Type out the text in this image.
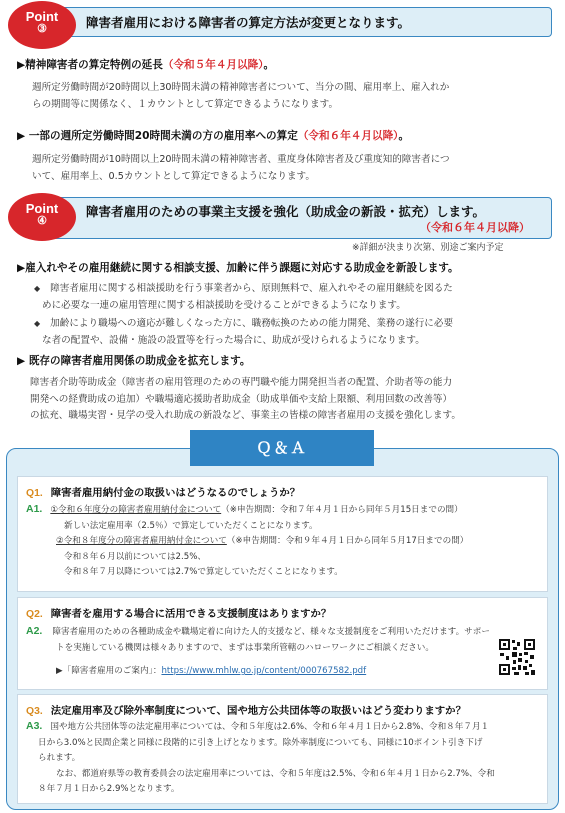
障害者雇用における障害者の算定方法が変更となります。
Point
③
▶精神障害者の算定特例の延長（令和５年４月以降）。
週所定労働時間が20時間以上30時間未満の精神障害者について、当分の間、雇用率上、雇入れか
らの期間等に関係なく、１カウントとして算定できるようになります。
▶ 一部の週所定労働時間20時間未満の方の雇用率への算定（令和６年４月以降）。
週所定労働時間が10時間以上20時間未満の精神障害者、重度身体障害者及び重度知的障害者につ
いて、雇用率上、0.5カウントとして算定できるようになります。
障害者雇用のための事業主支援を強化（助成金の新設・拡充）します。
（令和６年４月以降）
Point
④
※詳細が決まり次第、別途ご案内予定
▶雇入れやその雇用継続に関する相談支援、加齢に伴う課題に対応する助成金を新設します。
◆ 障害者雇用に関する相談援助を行う事業者から、原則無料で、雇入れやその雇用継続を図るた
めに必要な一連の雇用管理に関する相談援助を受けることができるようになります。
◆ 加齢により職場への適応が難しくなった方に、職務転換のための能力開発、業務の遂行に必要
な者の配置や、設備・施設の設置等を行った場合に、助成が受けられるようになります。
▶ 既存の障害者雇用関係の助成金を拡充します。
障害者介助等助成金（障害者の雇用管理のための専門職や能力開発担当者の配置、介助者等の能力
開発への経費助成の追加）や職場適応援助者助成金（助成単価や支給上限額、利用回数の改善等）
の拡充、職場実習・見学の受入れ助成の新設など、事業主の皆様の障害者雇用の支援を強化します。
Ｑ＆Ａ
Q1. 障害者雇用納付金の取扱いはどうなるのでしょうか？
A1. ①令和６年度分の障害者雇用納付金について（※申告期間：令和７年４月１日から同年５月15日までの間）
新しい法定雇用率（2.5％）で算定していただくことになります。
②令和８年度分の障害者雇用納付金について（※申告期間：令和９年４月１日から同年５月17日までの間）
令和８年６月以前については2.5%、
令和８年７月以降については2.7%で算定していただくことになります。
Q2. 障害者を雇用する場合に活用できる支援制度はありますか？
A2. 障害者雇用のための各種助成金や職場定着に向けた人的支援など、様々な支援制度をご利用いただけます。サポー
トを実施している機関は様々ありますので、まずは事業所管轄のハローワークにご相談ください。
▶「障害者雇用のご案内」：https://www.mhlw.go.jp/content/000767582.pdf
Q3. 法定雇用率及び除外率制度について、国や地方公共団体等の取扱いはどう変わりますか？
A3. 国や地方公共団体等の法定雇用率については、令和５年度は2.6%、令和６年４月１日から2.8%、令和８年７月１
日から3.0%と民間企業と同様に段階的に引き上げとなります。除外率制度についても、同様に10ポイント引き下げ
られます。
なお、都道府県等の教育委員会の法定雇用率については、令和５年度は2.5%、令和６年４月１日から2.7%、令和
８年７月１日から2.9%となります。
